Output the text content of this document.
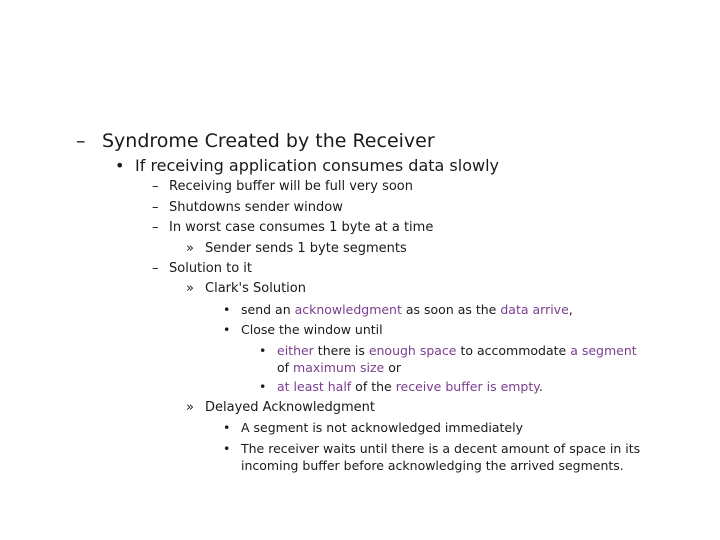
– Syndrome Created by the Receiver
• If receiving application consumes data slowly
– Receiving buffer will be full very soon
– Shutdowns sender window
– In worst case consumes 1 byte at a time
» Sender sends 1 byte segments
– Solution to it
» Clark's Solution
• send an acknowledgment as soon as the data arrive,
• Close the window until
• either there is enough space to accommodate a segment
of maximum size or
• at least half of the receive buffer is empty.
» Delayed Acknowledgment
• A segment is not acknowledged immediately
• The receiver waits until there is a decent amount of space in its
incoming buffer before acknowledging the arrived segments.
